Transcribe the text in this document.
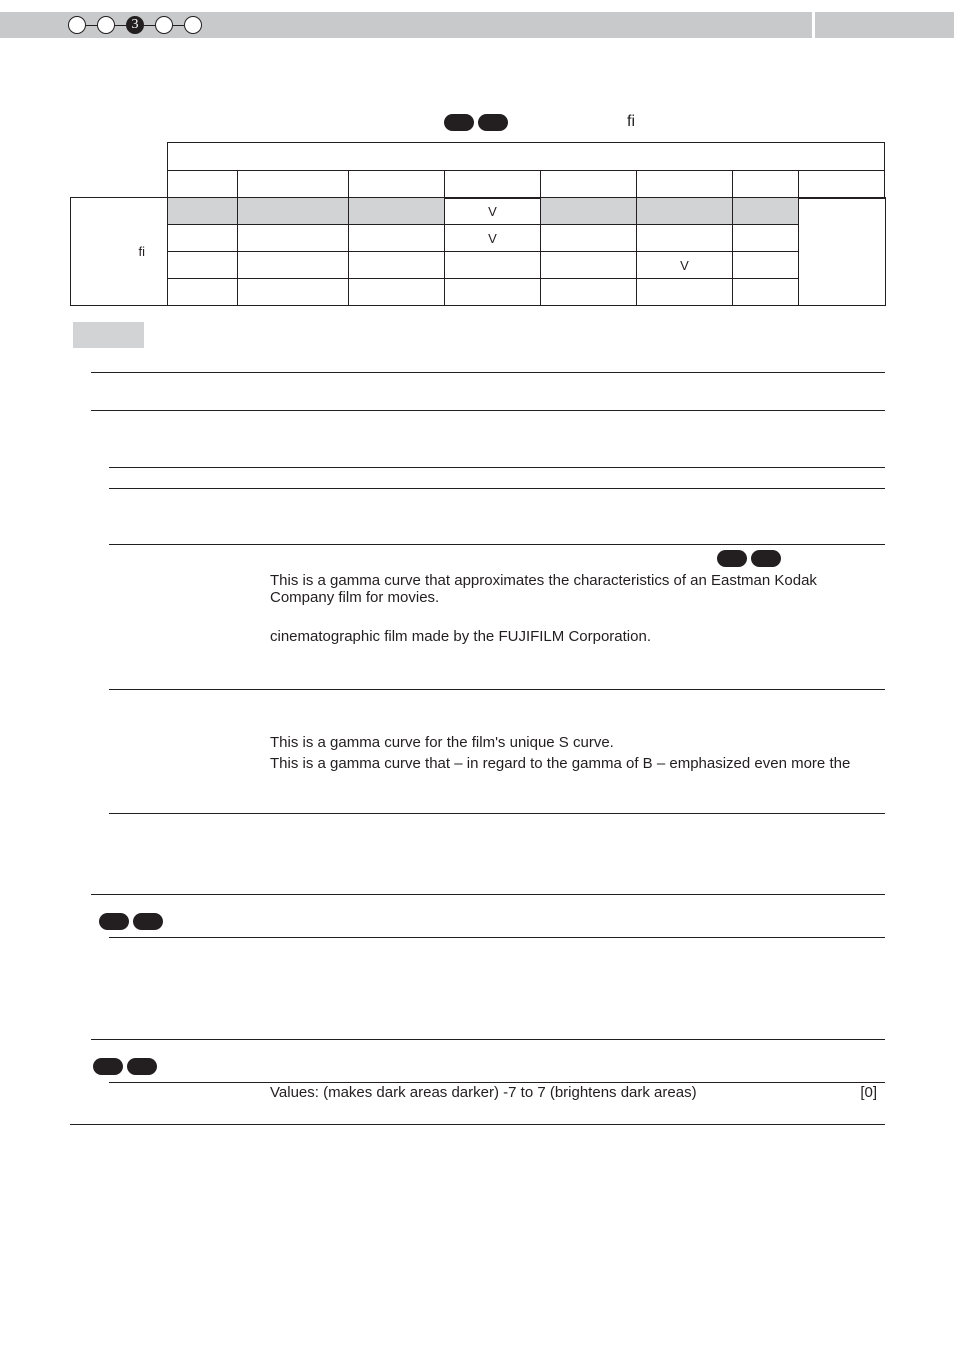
3
fi

fi				V				
				V				
						V		

This is a gamma curve that approximates the characteristics of an Eastman Kodak
Company film for movies.
cinematographic film made by the FUJIFILM Corporation.
This is a gamma curve for the film's unique S curve.
This is a gamma curve that – in regard to the gamma of B – emphasized even more the
Values: (makes dark areas darker) -7 to 7 (brightens dark areas)	[0]
